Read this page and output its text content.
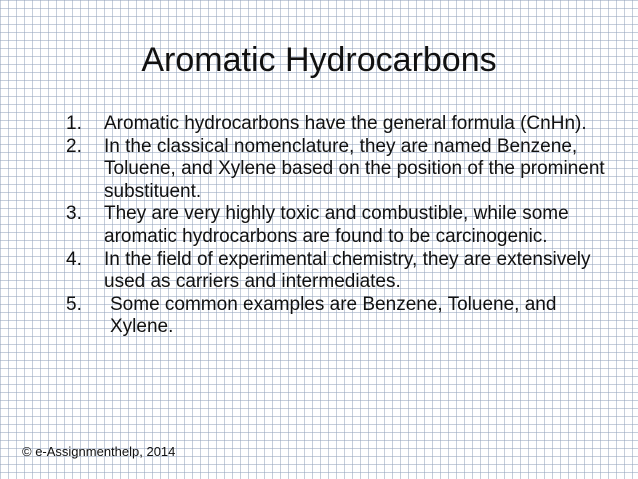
Aromatic Hydrocarbons
1.	Aromatic hydrocarbons have the general formula (CnHn).
2.	In the classical nomenclature, they are named Benzene, Toluene, and Xylene based on the position of the prominent substituent.
3.	They are very highly toxic and combustible, while some aromatic hydrocarbons are found to be carcinogenic.
4.	In the field of experimental chemistry, they are extensively used as carriers and intermediates.
5.	Some common examples are Benzene, Toluene, and Xylene.
© e-Assignmenthelp, 2014
